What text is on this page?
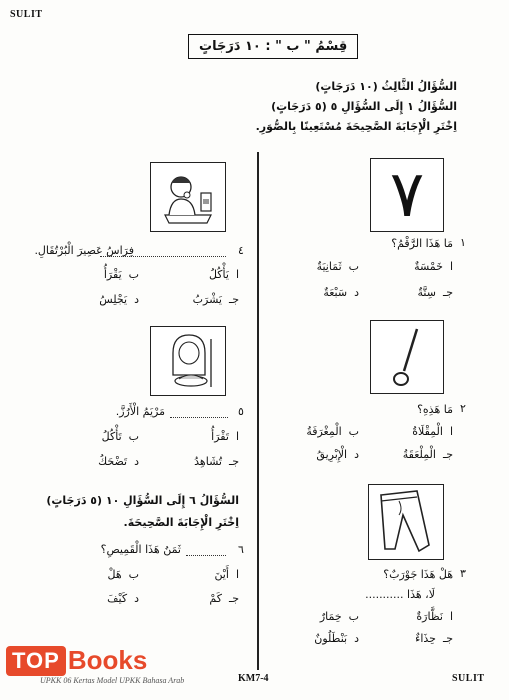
SULIT
قِسْمُ " ب " : ١٠ دَرَجَاتٍ
السُّؤَالُ الثَّالِثُ (١٠ دَرَجَاتٍ)
السُّؤَالُ ١ إِلَى السُّؤَالِ ٥ (٥ دَرَجَاتٍ)
اِخْتَرِ الْإِجَابَةَ الصَّحِيحَةَ مُسْتَعِينًا بِالصُّوَرِ.
٧
١
مَا هَذَا الرَّقْمُ؟
ا  خَمْسَةٌ
ب  ثَمَانِيَةٌ
جـ  سِتَّةٌ
د  سَبْعَةٌ
٢
مَا هَذِهِ؟
ا  الْمِقْلَاةُ
ب  الْمِغْرَفَةُ
جـ  الْمِلْعَقَةُ
د  الْإِبْرِيقُ
٣
هَلْ هَذَا جَوْرَبٌ؟
لَا، هَذَا ...........
ا  نَظَّارَةٌ
ب  خِمَارٌ
جـ  حِذَاءٌ
د  بَنْطَلُونٌ
٤
فِرَاسُ عَصِيرَ الْبُرْتُقَالِ.
ا  يَأْكُلُ
ب  يَقْرَأُ
جـ  يَشْرَبُ
د  يَجْلِسُ
٥
مَرْيَمُ الْأَرُزَّ.
ا  تَقْرَأُ
ب  تَأْكُلُ
جـ  تُشَاهِدُ
د  تَضْحَكُ
السُّؤَالُ ٦ إِلَى السُّؤَالِ ١٠ (٥ دَرَجَاتٍ)
اِخْتَرِ الْإِجَابَةَ الصَّحِيحَةَ.
٦
ثَمَنُ هَذَا الْقَمِيصِ؟
ا  أَيْنَ
ب  هَلْ
جـ  كَمْ
د  كَيْفَ
TOP Books
UPKK 06 Kertas Model UPKK Bahasa Arab	KM7-4	SULIT
